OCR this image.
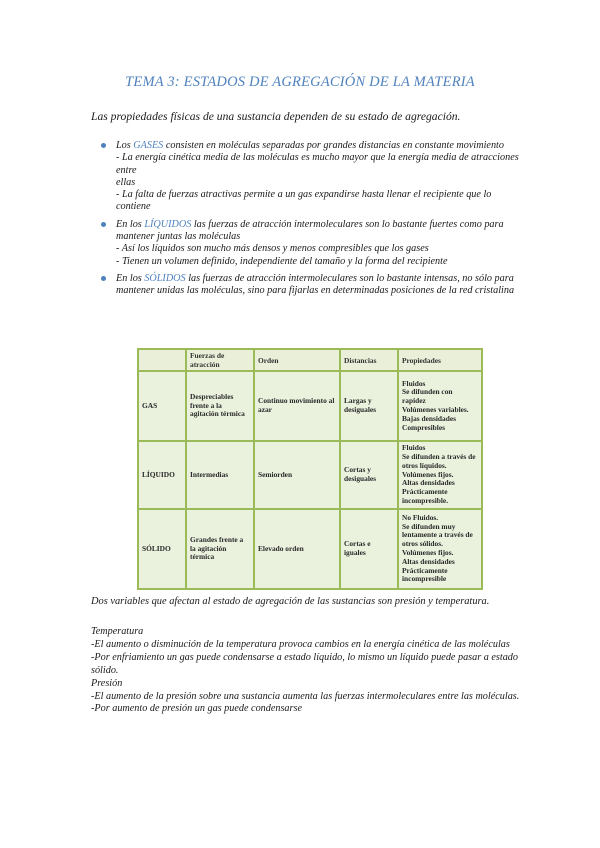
TEMA 3: ESTADOS DE AGREGACIÓN DE LA MATERIA
Las propiedades físicas de una sustancia dependen de su estado de agregación.
Los GASES consisten en moléculas separadas por grandes distancias en constante movimiento
- La energía cinética media de las moléculas es mucho mayor que la energía media de atracciones entre
ellas
- La falta de fuerzas atractivas permite a un gas expandirse hasta llenar el recipiente que lo contiene
En los LÍQUIDOS las fuerzas de atracción intermoleculares son lo bastante fuertes como para mantener juntas las moléculas
- Así los líquidos son mucho más densos y menos compresibles que los gases
- Tienen un volumen definido, independiente del tamaño y la forma del recipiente
En los SÓLIDOS las fuerzas de atracción intermoleculares son lo bastante intensas, no sólo para mantener unidas las moléculas, sino para fijarlas en determinadas posiciones de la red cristalina
	Fuerzas de atracción	Orden	Distancias	Propiedades
GAS	Despreciables frente a la agitación térmica	Continuo movimiento al azar	Largas y desiguales	Fluidos
Se difunden con rapidez
Volúmenes variables.
Bajas densidades
Compresibles

LÍQUIDO	Intermedias	Semiorden	Cortas y desiguales	Fluidos
Se difunden a través de otros líquidos.
Volúmenes fijos.
Altas densidades
Prácticamente incompresible.

SÓLIDO	Grandes frente a la agitación térmica	Elevado orden	Cortas e iguales	No Fluidos.
Se difunden muy lentamente a través de otros sólidos.
Volúmenes fijos.
Altas densidades
Prácticamente incompresible
Dos variables que afectan al estado de agregación de las sustancias son presión y temperatura.
Temperatura
-El aumento o disminución de la temperatura provoca cambios en la energía cinética de las moléculas
-Por enfriamiento un gas puede condensarse a estado líquido, lo mismo un líquido puede pasar a estado sólido.
Presión
-El aumento de la presión sobre una sustancia aumenta las fuerzas intermoleculares entre las moléculas.
-Por aumento de presión un gas puede condensarse
